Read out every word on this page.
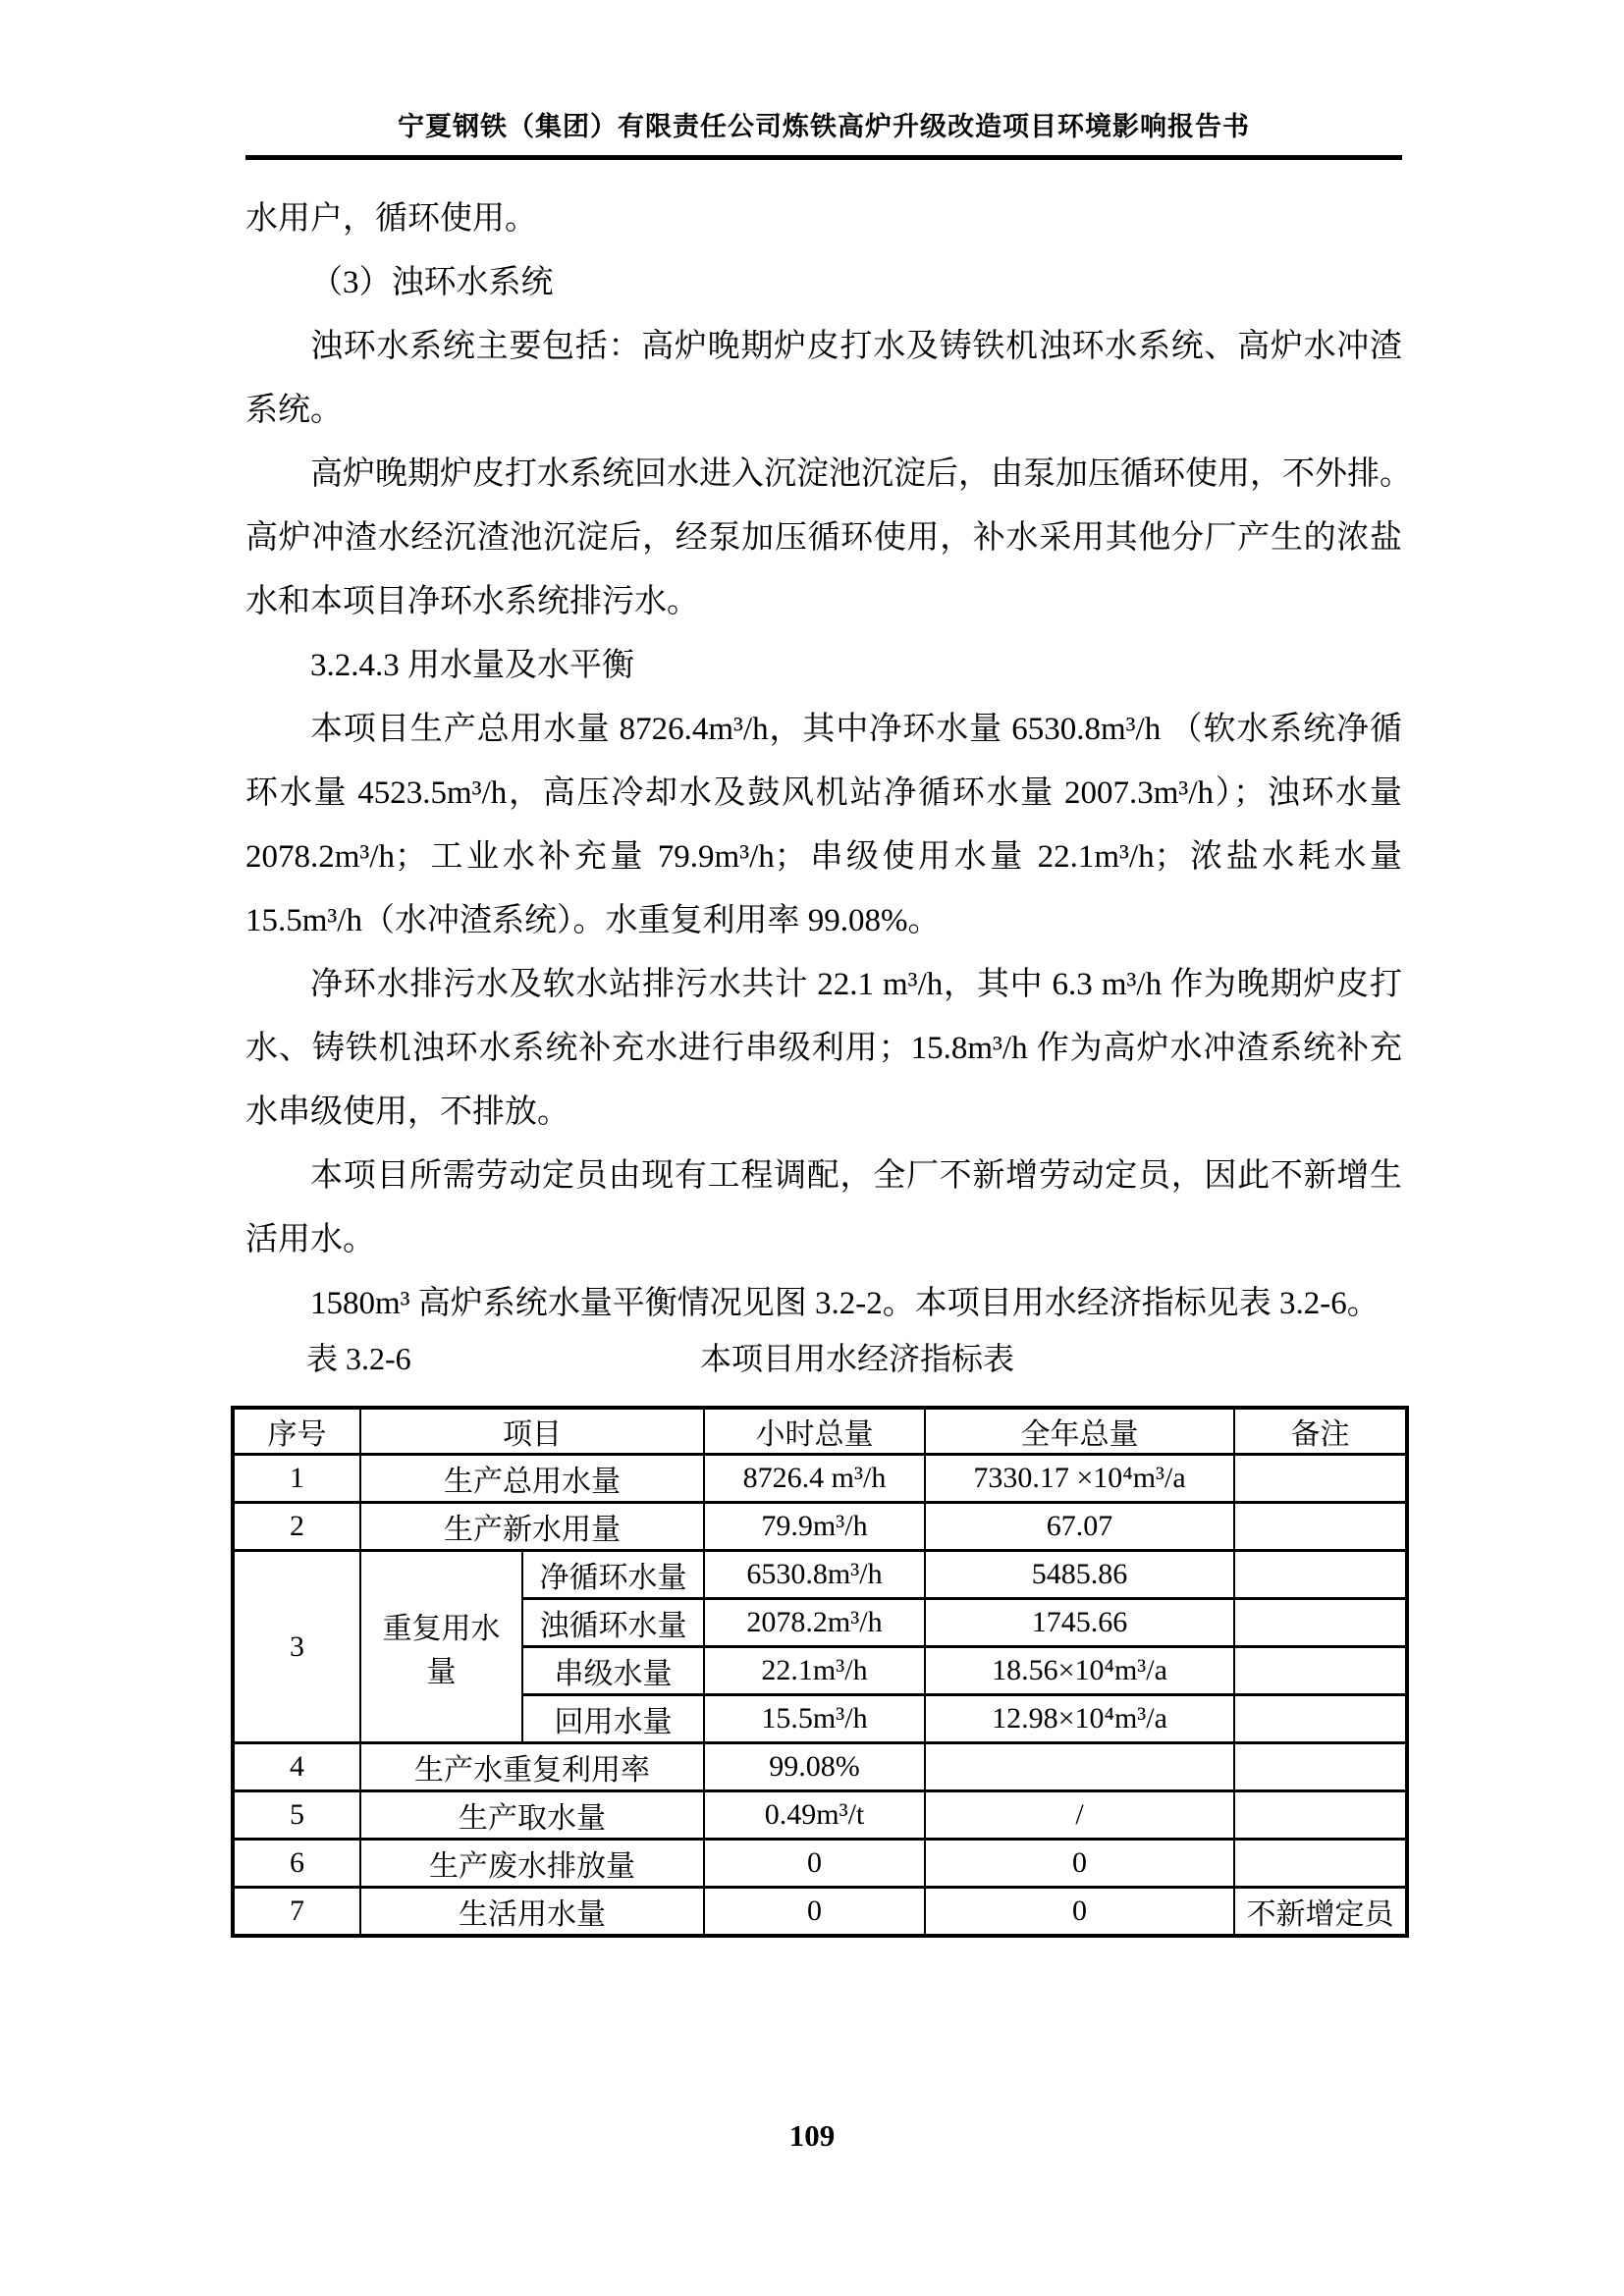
宁夏钢铁（集团）有限责任公司炼铁高炉升级改造项目环境影响报告书
水用户，循环使用。
（3）浊环水系统
浊环水系统主要包括：高炉晚期炉皮打水及铸铁机浊环水系统、高炉水冲渣
系统。
高炉晚期炉皮打水系统回水进入沉淀池沉淀后，由泵加压循环使用，不外排。
高炉冲渣水经沉渣池沉淀后，经泵加压循环使用，补水采用其他分厂产生的浓盐
水和本项目净环水系统排污水。
3.2.4.3 用水量及水平衡
本项目生产总用水量 8726.4m³/h，其中净环水量 6530.8m³/h （软水系统净循
环水量 4523.5m³/h，高压冷却水及鼓风机站净循环水量 2007.3m³/h）；浊环水量
2078.2m³/h；工业水补充量 79.9m³/h；串级使用水量 22.1m³/h；浓盐水耗水量
15.5m³/h（水冲渣系统）。水重复利用率 99.08%。
净环水排污水及软水站排污水共计 22.1 m³/h，其中 6.3 m³/h 作为晚期炉皮打
水、铸铁机浊环水系统补充水进行串级利用；15.8m³/h 作为高炉水冲渣系统补充
水串级使用，不排放。
本项目所需劳动定员由现有工程调配，全厂不新增劳动定员，因此不新增生
活用水。
1580m³ 高炉系统水量平衡情况见图 3.2-2。本项目用水经济指标见表 3.2-6。
表 3.2-6	本项目用水经济指标表
序号	项目		小时总量	全年总量	备注
1	生产总用水量		8726.4 m³/h	7330.17 ×10⁴m³/a	
2	生产新水用量		79.9m³/h	67.07	
3	重复用水量	净循环水量	6530.8m³/h	5485.86	
		浊循环水量	2078.2m³/h	1745.66	
		串级水量	22.1m³/h	18.56×10⁴m³/a	
		回用水量	15.5m³/h	12.98×10⁴m³/a	
4	生产水重复利用率		99.08%		
5	生产取水量		0.49m³/t	/	
6	生产废水排放量		0	0	
7	生活用水量		0	0	不新增定员
109
